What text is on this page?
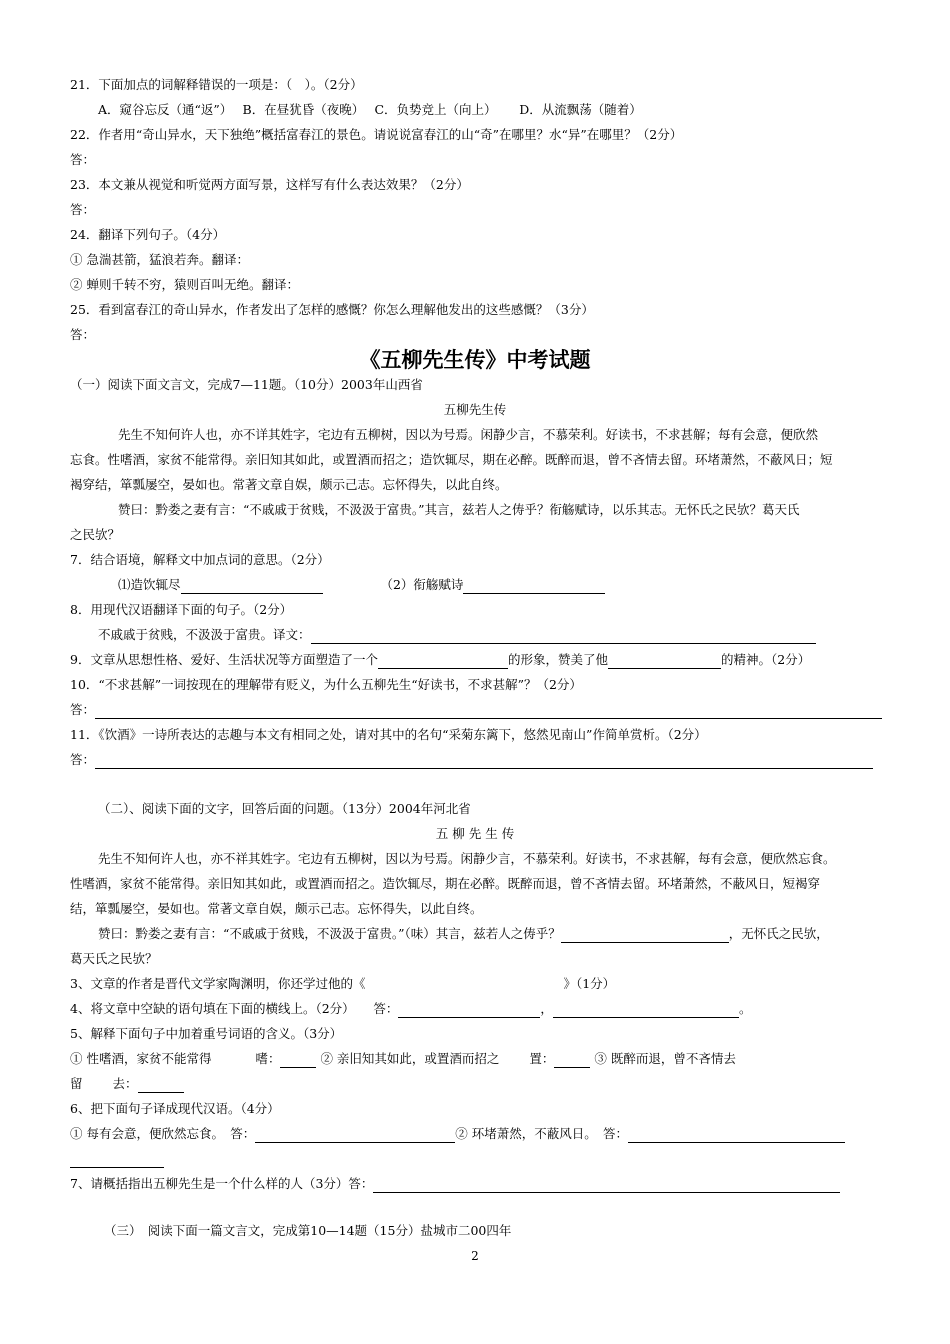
21．下面加点的词解释错误的一项是：（　）。（2分）
A．窥谷忘反（通“返”）　 B．在昼犹昏（夜晚）　 C．负势竞上（向上）　　 D．从流飘荡（随着）
22．作者用“奇山异水，天下独绝”概括富春江的景色。请说说富春江的山“奇”在哪里？水“异”在哪里？（2分）
答：
23．本文兼从视觉和听觉两方面写景，这样写有什么表达效果？（2分）
答：
24．翻译下列句子。（4分）
① 急湍甚箭，猛浪若奔。翻译：
② 蝉则千转不穷，猿则百叫无绝。翻译：
25．看到富春江的奇山异水，作者发出了怎样的感慨？你怎么理解他发出的这些感慨？（3分）
答：
《五柳先生传》中考试题
（一）阅读下面文言文，完成7—11题。（10分）2003年山西省
五柳先生传
先生不知何许人也，亦不详其姓字，宅边有五柳树，因以为号焉。闲静少言，不慕荣利。好读书，不求甚解；每有会意，便欣然
忘食。性嗜酒，家贫不能常得。亲旧知其如此，或置酒而招之；造饮辄尽，期在必醉。既醉而退，曾不吝情去留。环堵萧然，不蔽风日；短
褐穿结，箪瓢屡空，晏如也。常著文章自娱，颇示己志。忘怀得失，以此自终。
赞曰：黔娄之妻有言：“不戚戚于贫贱，不汲汲于富贵。”其言，兹若人之俦乎？衔觞赋诗，以乐其志。无怀氏之民欤？葛天氏
之民欤？
7．结合语境，解释文中加点词的意思。（2分）
⑴造饮辄尽	（2）衔觞赋诗
8．用现代汉语翻译下面的句子。（2分）
不戚戚于贫贱，不汲汲于富贵。译文：
9．文章从思想性格、爱好、生活状况等方面塑造了一个	的形象，赞美了他	的精神。（2分）
10．“不求甚解”一词按现在的理解带有贬义，为什么五柳先生“好读书，不求甚解”？（2分）
答：
11．《饮酒》一诗所表达的志趣与本文有相同之处，请对其中的名句“采菊东篱下，悠然见南山”作简单赏析。（2分）
答：
（二）、阅读下面的文字，回答后面的问题。（13分）2004年河北省
五 柳 先 生 传
先生不知何许人也，亦不祥其姓字。宅边有五柳树，因以为号焉。闲静少言，不慕荣利。好读书，不求甚解，每有会意，便欣然忘食。
性嗜酒，家贫不能常得。亲旧知其如此，或置酒而招之。造饮辄尽，期在必醉。既醉而退，曾不吝情去留。环堵萧然，不蔽风日，短褐穿
结，箪瓢屡空，晏如也。常著文章自娱，颇示己志。忘怀得失，以此自终。
赞曰：黔娄之妻有言：“不戚戚于贫贱，不汲汲于富贵。”（味）其言，兹若人之俦乎？	，无怀氏之民欤，
葛天氏之民欤？
3、文章的作者是晋代文学家陶渊明，你还学过他的《	》（1分）
4、将文章中空缺的语句填在下面的横线上。（2分）　　答：	，	。
5、解释下面句子中加着重号词语的含义。（3分）
① 性嗜酒，家贫不能常得	嗜：	② 亲旧知其如此，或置酒而招之 置：	③ 既醉而退，曾不吝情去
留 去：
6、把下面句子译成现代汉语。（4分）
① 每有会意，便欣然忘食。　答：	② 环堵萧然，不蔽风日。　答：
7、请概括指出五柳先生是一个什么样的人（3分）答：
（三）　阅读下面一篇文言文，完成第10—14题（15分）盐城市二00四年
2
